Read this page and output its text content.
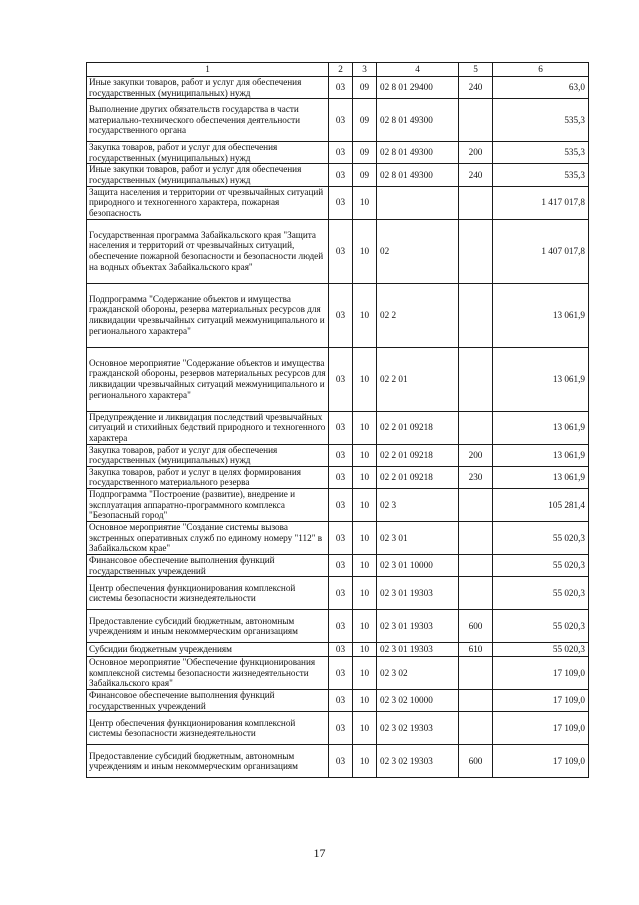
1	2	3	4	5	6
Иные закупки товаров, работ и услуг для обеспечения государственных (муниципальных) нужд	03	09	02 8 01 29400	240	63,0
Выполнение других обязательств государства в части материально-технического обеспечения деятельности государственного органа	03	09	02 8 01 49300		535,3
Закупка товаров, работ и услуг для обеспечения государственных (муниципальных) нужд	03	09	02 8 01 49300	200	535,3
Иные закупки товаров, работ и услуг для обеспечения государственных (муниципальных) нужд	03	09	02 8 01 49300	240	535,3
Защита населения и территории от чрезвычайных ситуаций природного и техногенного характера, пожарная безопасность	03	10			1 417 017,8
Государственная программа Забайкальского края "Защита населения и территорий от чрезвычайных ситуаций, обеспечение пожарной безопасности и безопасности людей на водных объектах Забайкальского края"	03	10	02		1 407 017,8
Подпрограмма "Содержание объектов и имущества гражданской обороны, резерва материальных ресурсов для ликвидации чрезвычайных ситуаций межмуниципального и регионального характера"	03	10	02 2		13 061,9
Основное мероприятие "Содержание объектов и имущества гражданской обороны, резервов материальных ресурсов для ликвидации чрезвычайных ситуаций межмуниципального и регионального характера"	03	10	02 2 01		13 061,9
Предупреждение и ликвидация последствий чрезвычайных ситуаций и стихийных бедствий природного и техногенного характера	03	10	02 2 01 09218		13 061,9
Закупка товаров, работ и услуг для обеспечения государственных (муниципальных) нужд	03	10	02 2 01 09218	200	13 061,9
Закупка товаров, работ и услуг в целях формирования государственного материального резерва	03	10	02 2 01 09218	230	13 061,9
Подпрограмма "Построение (развитие), внедрение и эксплуатация аппаратно-программного комплекса "Безопасный город"	03	10	02 3		105 281,4
Основное мероприятие "Создание системы вызова экстренных оперативных служб по единому номеру "112" в Забайкальском крае"	03	10	02 3 01		55 020,3
Финансовое обеспечение выполнения функций государственных учреждений	03	10	02 3 01 10000		55 020,3
Центр обеспечения функционирования комплексной системы безопасности жизнедеятельности	03	10	02 3 01 19303		55 020,3
Предоставление субсидий бюджетным, автономным учреждениям и иным некоммерческим организациям	03	10	02 3 01 19303	600	55 020,3
Субсидии бюджетным учреждениям	03	10	02 3 01 19303	610	55 020,3
Основное мероприятие "Обеспечение функционирования комплексной системы безопасности жизнедеятельности Забайкальского края"	03	10	02 3 02		17 109,0
Финансовое обеспечение выполнения функций государственных учреждений	03	10	02 3 02 10000		17 109,0
Центр обеспечения функционирования комплексной системы безопасности жизнедеятельности	03	10	02 3 02 19303		17 109,0
Предоставление субсидий бюджетным, автономным учреждениям и иным некоммерческим организациям	03	10	02 3 02 19303	600	17 109,0
17
